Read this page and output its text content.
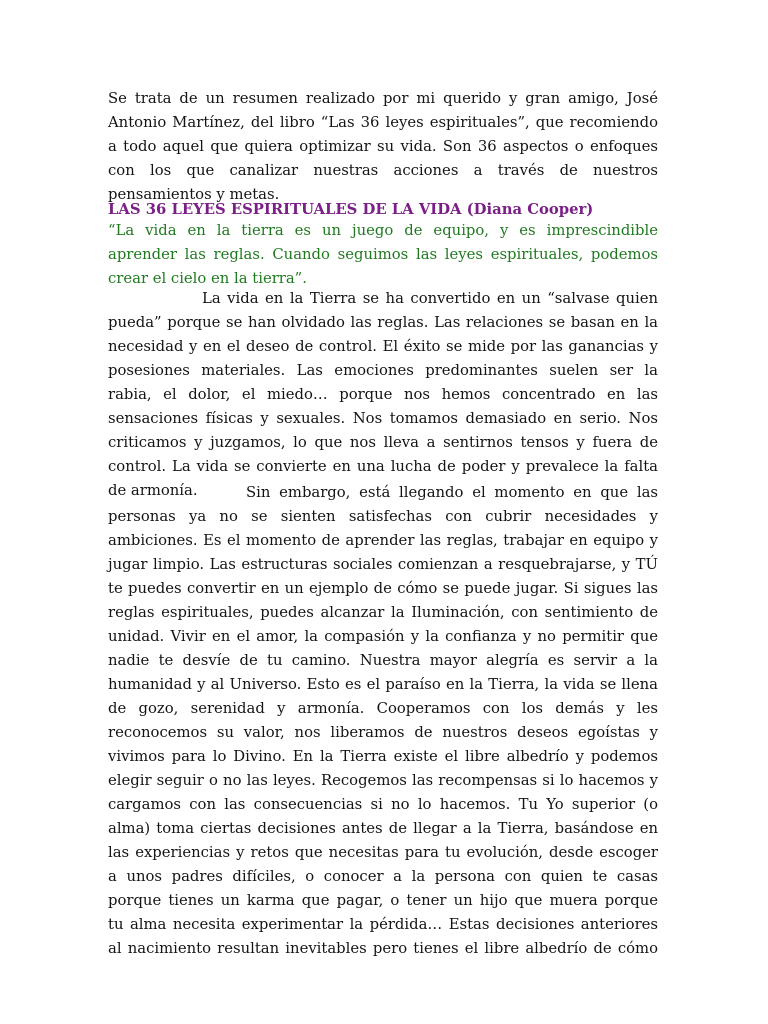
Se trata de un resumen realizado por mi querido y gran amigo, José
Antonio Martínez, del libro “Las 36 leyes espirituales”, que recomiendo
a todo aquel que quiera optimizar su vida. Son 36 aspectos o enfoques
con los que canalizar nuestras acciones a través de nuestros
pensamientos y metas.
LAS 36 LEYES ESPIRITUALES DE LA VIDA (Diana Cooper)
“La vida en la tierra es un juego de equipo, y es imprescindible
aprender las reglas. Cuando seguimos las leyes espirituales, podemos
crear el cielo en la tierra”.
La vida en la Tierra se ha convertido en un “salvase quien
pueda” porque se han olvidado las reglas. Las relaciones se basan en la
necesidad y en el deseo de control. El éxito se mide por las ganancias y
posesiones materiales. Las emociones predominantes suelen ser la
rabia, el dolor, el miedo… porque nos hemos concentrado en las
sensaciones físicas y sexuales. Nos tomamos demasiado en serio. Nos
criticamos y juzgamos, lo que nos lleva a sentirnos tensos y fuera de
control. La vida se convierte en una lucha de poder y prevalece la falta
de armonía.	Sin embargo, está llegando el momento en que las
personas ya no se sienten satisfechas con cubrir necesidades y
ambiciones. Es el momento de aprender las reglas, trabajar en equipo y
jugar limpio. Las estructuras sociales comienzan a resquebrajarse, y TÚ
te puedes convertir en un ejemplo de cómo se puede jugar. Si sigues las
reglas espirituales, puedes alcanzar la Iluminación, con sentimiento de
unidad. Vivir en el amor, la compasión y la confianza y no permitir que
nadie te desvíe de tu camino. Nuestra mayor alegría es servir a la
humanidad y al Universo. Esto es el paraíso en la Tierra, la vida se llena
de gozo, serenidad y armonía. Cooperamos con los demás y les
reconocemos su valor, nos liberamos de nuestros deseos egoístas y
vivimos para lo Divino. En la Tierra existe el libre albedrío y podemos
elegir seguir o no las leyes. Recogemos las recompensas si lo hacemos y
cargamos con las consecuencias si no lo hacemos. Tu Yo superior (o
alma) toma ciertas decisiones antes de llegar a la Tierra, basándose en
las experiencias y retos que necesitas para tu evolución, desde escoger
a unos padres difíciles, o conocer a la persona con quien te casas
porque tienes un karma que pagar, o tener un hijo que muera porque
tu alma necesita experimentar la pérdida… Estas decisiones anteriores
al nacimiento resultan inevitables pero tienes el libre albedrío de cómo
